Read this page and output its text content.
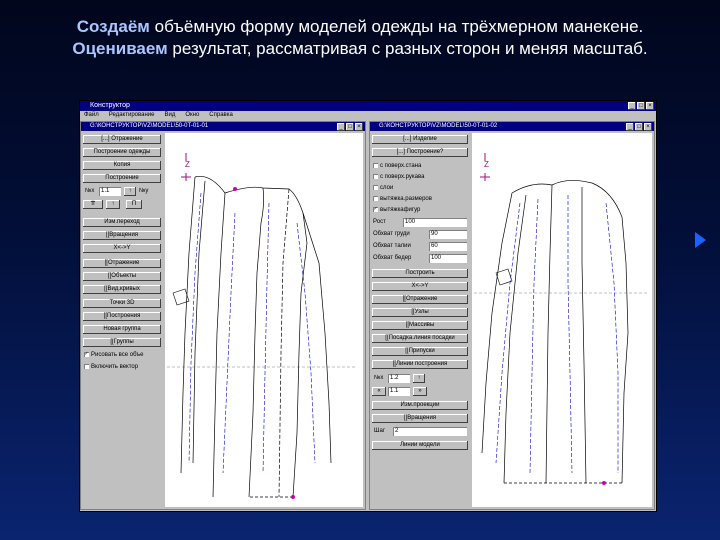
Создаём объёмную форму моделей одежды на трёхмерном манекене.
Оцениваем результат, рассматривая с разных сторон и меняя масштаб.
Конструктор	_ □ ×
Файл Редактирование Вид Окно Справка
G:\КОНСТРУКТОР\VZ\MODEL\50-0T-01-01	_ □ ×
[...] Отражение
Построение одежды
Копия
Построение
№х	1.1	↑	№у
⇈	↑	П
Изм.переход
[[Вращения
X<->Y
[[Отражение
[[Объекты
[[Вид.кривых
Точки 3D
[[Построения
Новая группа
[[Группы
✓ Рисовать все объе
Включить вектор
Z
G:\КОНСТРУКТОР\VZ\MODEL\50-0T-01-02	_ □ ×
[...] Изделие
[...] Построение?
с поверх.стана
с поверх.рукава
слои
вытяжка.размеров
✓ вытяжкафигур
Рост	100
Обхват груди	90
Обхват талии	60
Обхват бедер	100
Построить
X<->Y
[[Отражение
[[Узлы
[[Массивы
[[Посадка.линия посадки
[[Припуски
[[Линии построения
№х	1.2	↑
«	1.1	»
Изм.проекции
[[Вращения
Шаг	2
Линии модели
Z
